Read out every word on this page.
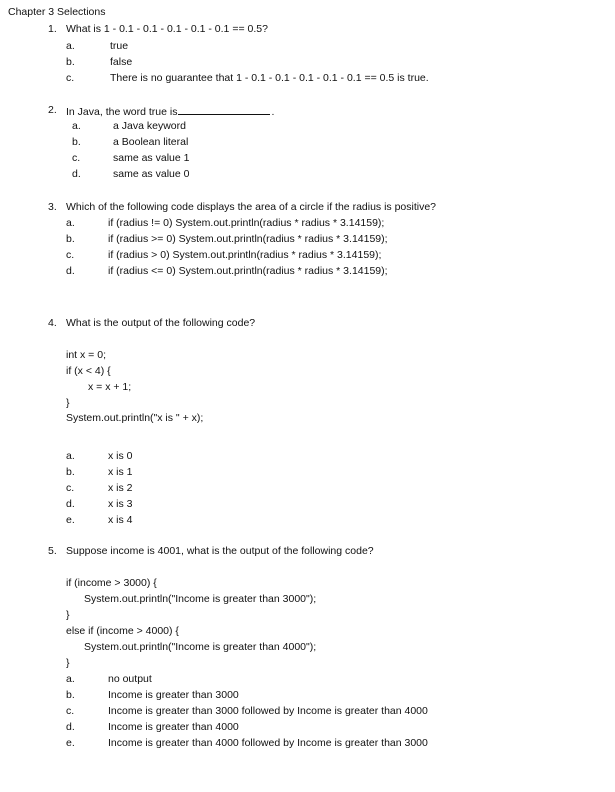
Chapter 3 Selections
1. What is 1 - 0.1 - 0.1 - 0.1 - 0.1 - 0.1 == 0.5?
a.	true
b.	false
c.	There is no guarantee that 1 - 0.1 - 0.1 - 0.1 - 0.1 - 0.1 == 0.5 is true.
2. In Java, the word true is	.
a.	a Java keyword
b.	a Boolean literal
c.	same as value 1
d.	same as value 0
3. Which of the following code displays the area of a circle if the radius is positive?
a.	if (radius != 0) System.out.println(radius * radius * 3.14159);
b.	if (radius >= 0) System.out.println(radius * radius * 3.14159);
c.	if (radius > 0) System.out.println(radius * radius * 3.14159);
d.	if (radius <= 0) System.out.println(radius * radius * 3.14159);
4. What is the output of the following code?
int x = 0;
if (x < 4) {
x = x + 1;
}
System.out.println("x is " + x);
a.	x is 0
b.	x is 1
c.	x is 2
d.	x is 3
e.	x is 4
5. Suppose income is 4001, what is the output of the following code?
if (income > 3000) {
System.out.println("Income is greater than 3000");
}
else if (income > 4000) {
System.out.println("Income is greater than 4000");
}
a.	no output
b.	Income is greater than 3000
c.	Income is greater than 3000 followed by Income is greater than 4000
d.	Income is greater than 4000
e.	Income is greater than 4000 followed by Income is greater than 3000
